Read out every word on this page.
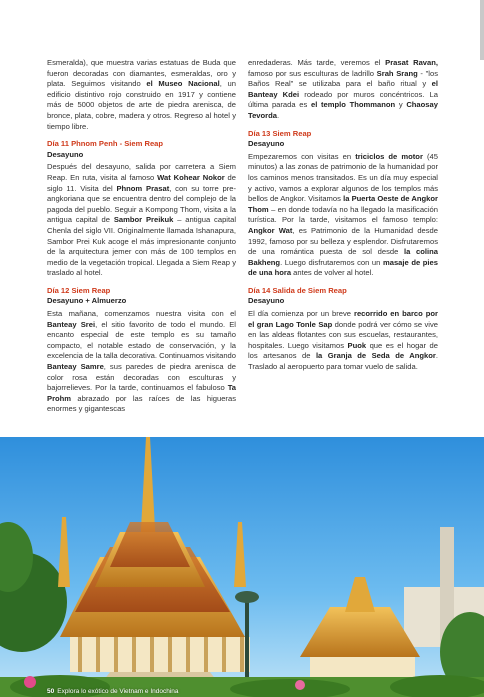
Esmeralda), que muestra varias estatuas de Buda que fueron decoradas con diamantes, esmeraldas, oro y plata. Seguimos visitando el Museo Nacional, un edificio distintivo rojo construido en 1917 y contiene más de 5000 objetos de arte de piedra arenisca, de bronce, plata, cobre, madera y otros. Regreso al hotel y tiempo libre.

Día 11 Phnom Penh - Siem Reap

Desayuno

Después del desayuno, salida por carretera a Siem Reap. En ruta, visita al famoso Wat Kohear Nokor de siglo 11. Visita del Phnom Prasat, con su torre pre-angkoriana que se encuentra dentro del complejo de la pagoda del pueblo. Seguir a Kompong Thom, visita a la antigua capital de Sambor Preikuk – antigua capital Chenla del siglo VII. Originalmente llamada Ishanapura, Sambor Prei Kuk acoge el más impresionante conjunto de la arquitectura jemer con más de 100 templos en medio de la vegetación tropical. Llegada a Siem Reap y traslado al hotel.

Día 12 Siem Reap

Desayuno + Almuerzo

Esta mañana, comenzamos nuestra visita con el Banteay Srei, el sitio favorito de todo el mundo. El encanto especial de este templo es su tamaño compacto, el notable estado de conservación, y la excelencia de la talla decorativa. Continuamos visitando Banteay Samre, sus paredes de piedra arenisca de color rosa están decoradas con esculturas y bajorrelieves. Por la tarde, continuamos el fabuloso Ta Prohm abrazado por las raíces de las higueras enormes y gigantescas

enredaderas. Más tarde, veremos el Prasat Ravan, famoso por sus esculturas de ladrillo Srah Srang - "los Baños Real" se utilizaba para el baño ritual y el Banteay Kdei rodeado por muros concéntricos. La última parada es el templo Thommanon y Chaosay Tevorda.

Día 13 Siem Reap

Desayuno

Empezaremos con visitas en triciclos de motor (45 minutos) a las zonas de patrimonio de la humanidad por los caminos menos transitados. Es un día muy especial y activo, vamos a explorar algunos de los templos más bellos de Angkor. Visitamos la Puerta Oeste de Angkor Thom – en donde todavía no ha llegado la masificación turística. Por la tarde, visitamos el famoso templo: Angkor Wat, es Patrimonio de la Humanidad desde 1992, famoso por su belleza y esplendor. Disfrutaremos de una romántica puesta de sol desde la colina Bakheng. Luego disfrutaremos con un masaje de pies de una hora antes de volver al hotel.

Día 14 Salida de Siem Reap

Desayuno

El día comienza por un breve recorrido en barco por el gran Lago Tonle Sap donde podrá ver cómo se vive en las aldeas flotantes con sus escuelas, restaurantes, hospitales. Luego visitamos Puok que es el hogar de los artesanos de la Granja de Seda de Angkor. Traslado al aeropuerto para tomar vuelo de salida.

50 Explora lo exótico de Vietnam e Indochina
